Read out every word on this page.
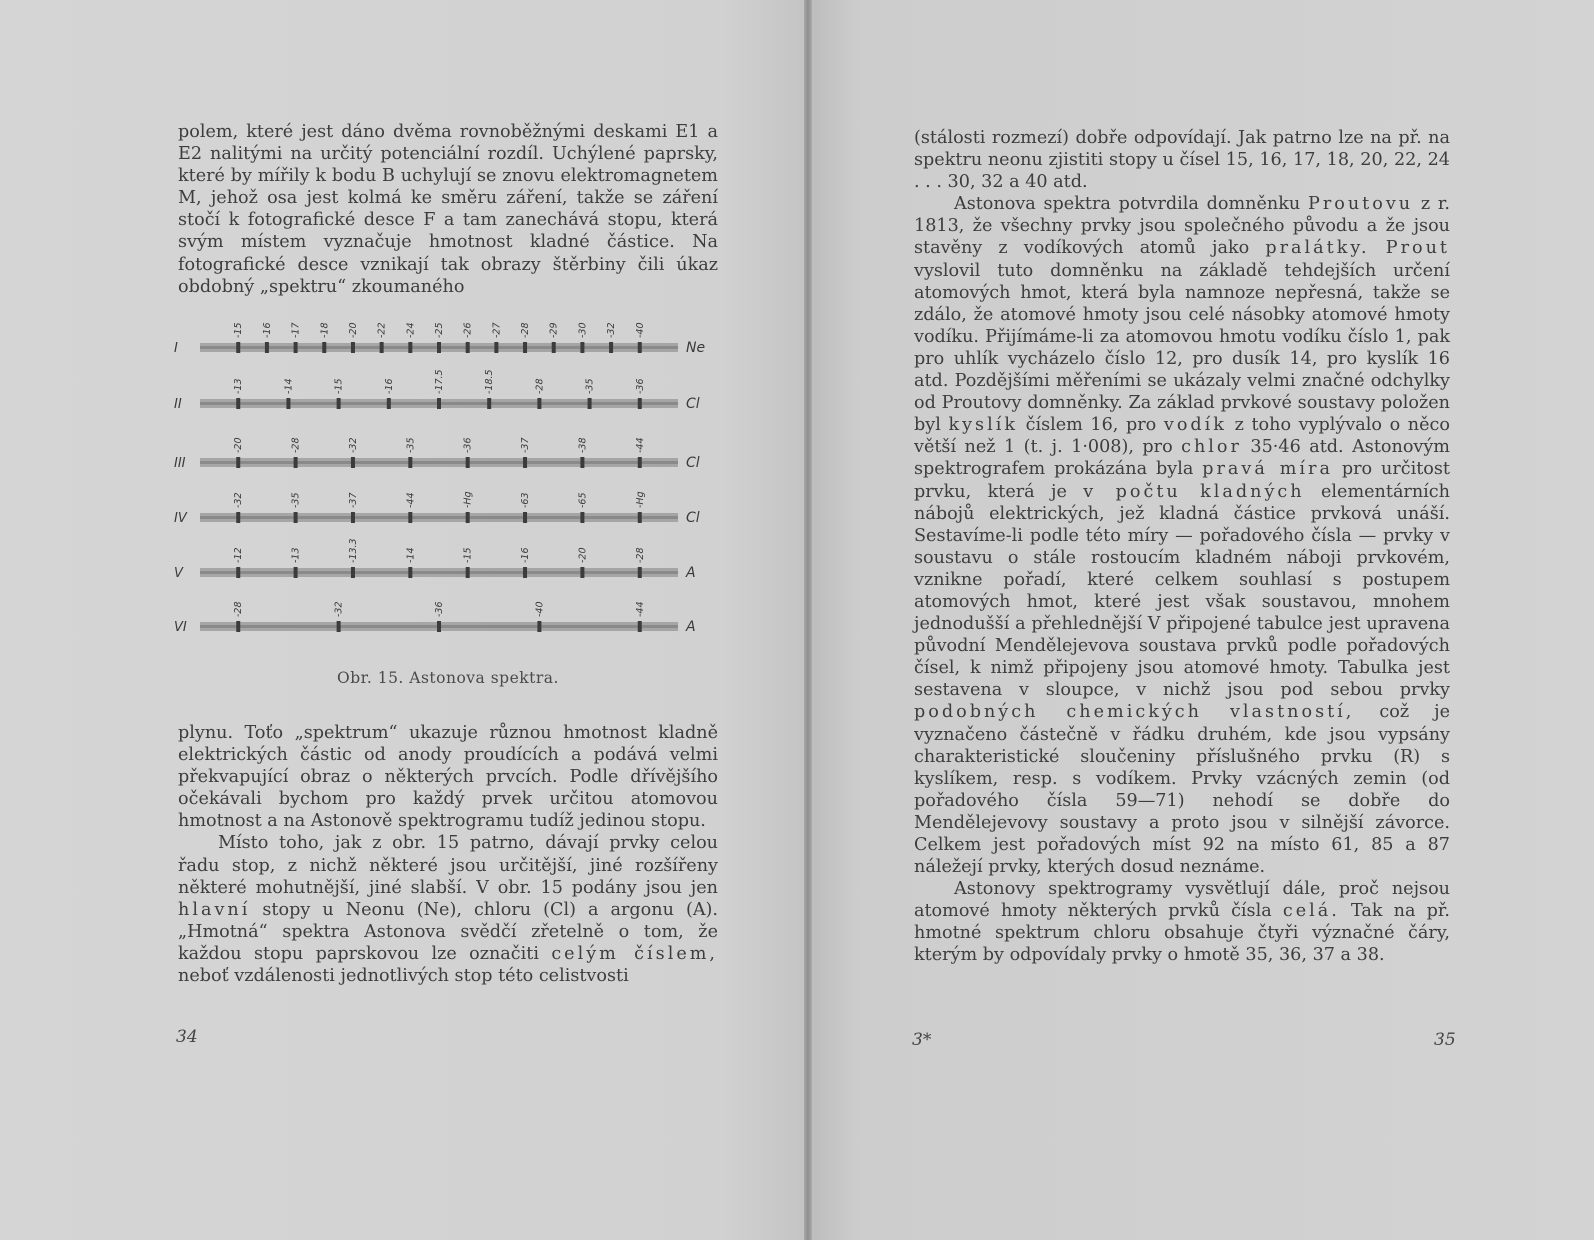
polem, které jest dáno dvěma rovnoběžnými deskami E1 a E2 nalitými na určitý potenciální rozdíl. Uchýlené paprsky, které by mířily k bodu B uchylují se znovu elektromagnetem M, jehož osa jest kolmá ke směru záření, takže se záření stočí k fotografické desce F a tam zanechává stopu, která svým místem vyznačuje hmotnost kladné částice. Na fotografické desce vznikají tak obrazy štěrbiny čili úkaz obdobný „spektru“ zkoumaného

I	Ne
-15 -16 -17 -18 -20 -22 -24 -25 -26 -27 -28 -29 -30 -32 -40
II	Cl
-13	-14	-15	-16	-17.5	-18.5	-28	-35	-36
III	Cl
-20	-28	-32	-35	-36	-37	-38	-44
IV	Cl
-32	-35	-37	-44	-Hg	-63	-65	-Hg
V	A
-12	-13	-13.3	-14	-15	-16	-20	-28
VI	A
-28	-32	-36	-40	-44
Obr. 15. Astonova spektra.

plynu. Toťo „spektrum“ ukazuje různou hmotnost kladně elektrických částic od anody proudících a podává velmi překvapující obraz o některých prvcích. Podle dřívějšího očekávali bychom pro každý prvek určitou atomovou hmotnost a na Astonově spektrogramu tudíž jedinou stopu.

Místo toho, jak z obr. 15 patrno, dávají prvky celou řadu stop, z nichž některé jsou určitější, jiné rozšířeny některé mohutnější, jiné slabší. V obr. 15 podány jsou jen hlavní stopy u Neonu (Ne), chloru (Cl) a argonu (A). „Hmotná“ spektra Astonova svědčí zřetelně o tom, že každou stopu paprskovou lze označiti celým číslem, neboť vzdálenosti jednotlivých stop této celistvosti

34

(stálosti rozmezí) dobře odpovídají. Jak patrno lze na př. na spektru neonu zjistiti stopy u čísel 15, 16, 17, 18, 20, 22, 24 . . . 30, 32 a 40 atd.

Astonova spektra potvrdila domněnku Proutovu z r. 1813, že všechny prvky jsou společného původu a že jsou stavěny z vodíkových atomů jako pralátky. Prout vyslovil tuto domněnku na základě tehdejších určení atomových hmot, která byla namnoze nepřesná, takže se zdálo, že atomové hmoty jsou celé násobky atomové hmoty vodíku. Přijímáme-li za atomovou hmotu vodíku číslo 1, pak pro uhlík vycházelo číslo 12, pro dusík 14, pro kyslík 16 atd. Pozdějšími měřeními se ukázaly velmi značné odchylky od Proutovy domněnky. Za základ prvkové soustavy položen byl kyslík číslem 16, pro vodík z toho vyplývalo o něco větší než 1 (t. j. 1·008), pro chlor 35·46 atd. Astonovým spektrografem prokázána byla pravá míra pro určitost prvku, která je v počtu kladných elementárních nábojů elektrických, jež kladná částice prvková unáší. Sestavíme-li podle této míry — pořadového čísla — prvky v soustavu o stále rostoucím kladném náboji prvkovém, vznikne pořadí, které celkem souhlasí s postupem atomových hmot, které jest však soustavou, mnohem jednodušší a přehlednější V připojené tabulce jest upravena původní Mendělejevova soustava prvků podle pořadových čísel, k nimž připojeny jsou atomové hmoty. Tabulka jest sestavena v sloupce, v nichž jsou pod sebou prvky podobných chemických vlastností, což je vyznačeno částečně v řádku druhém, kde jsou vypsány charakteristické sloučeniny příslušného prvku (R) s kyslíkem, resp. s vodíkem. Prvky vzácných zemin (od pořadového čísla 59—71) nehodí se dobře do Mendělejevovy soustavy a proto jsou v silnější závorce. Celkem jest pořadových míst 92 na místo 61, 85 a 87 náležejí prvky, kterých dosud neznáme.

Astonovy spektrogramy vysvětlují dále, proč nejsou atomové hmoty některých prvků čísla celá. Tak na př. hmotné spektrum chloru obsahuje čtyři význačné čáry, kterým by odpovídaly prvky o hmotě 35, 36, 37 a 38.

3*	35
